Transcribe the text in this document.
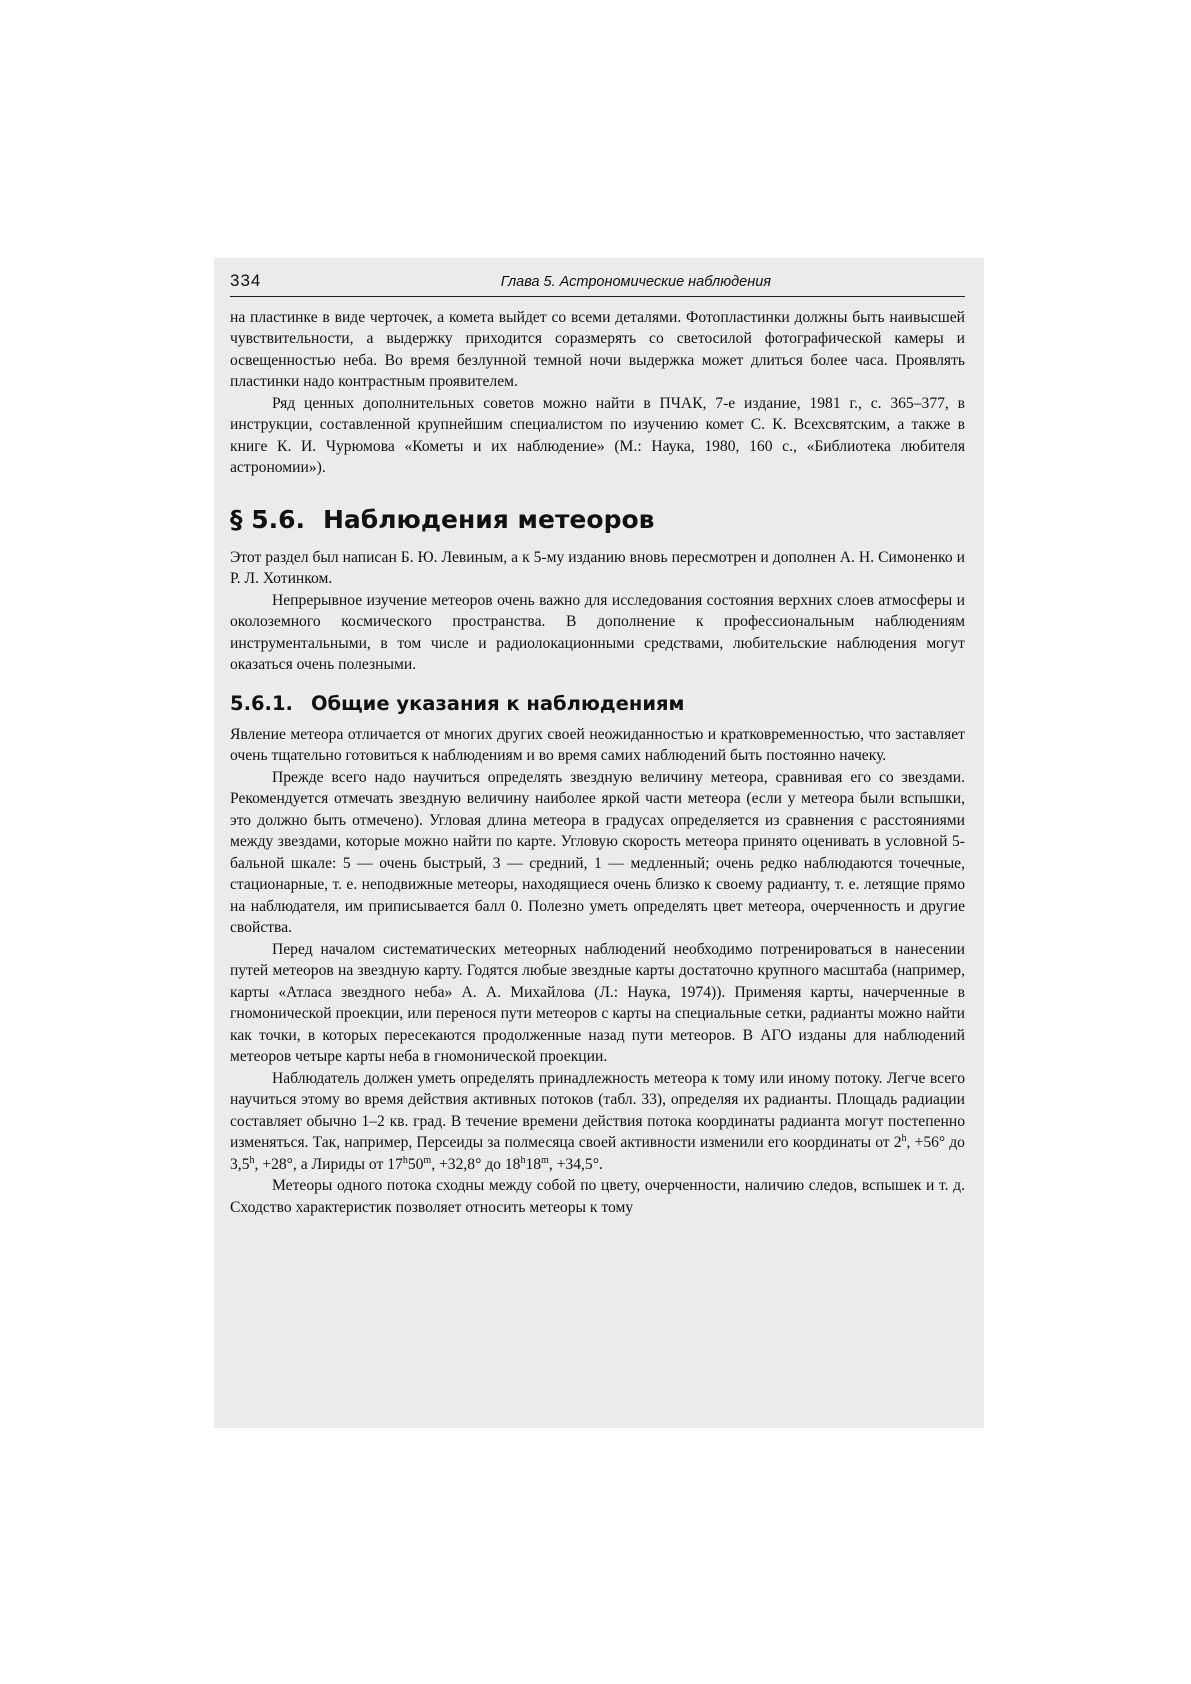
334	Глава 5. Астрономические наблюдения

на пластинке в виде черточек, а комета выйдет со всеми деталями. Фотопластинки должны быть наивысшей чувствительности, а выдержку приходится соразмерять со светосилой фотографической камеры и освещенностью неба. Во время безлунной темной ночи выдержка может длиться более часа. Проявлять пластинки надо контрастным проявителем.

Ряд ценных дополнительных советов можно найти в ПЧАК, 7-е издание, 1981 г., с. 365–377, в инструкции, составленной крупнейшим специалистом по изучению комет С. К. Всехсвятским, а также в книге К. И. Чурюмова «Кометы и их наблюдение» (М.: Наука, 1980, 160 с., «Библиотека любителя астрономии»).

§ 5.6. Наблюдения метеоров

Этот раздел был написан Б. Ю. Левиным, а к 5-му изданию вновь пересмотрен и дополнен А. Н. Симоненко и Р. Л. Хотинком.

Непрерывное изучение метеоров очень важно для исследования состояния верхних слоев атмосферы и околоземного космического пространства. В дополнение к профессиональным наблюдениям инструментальными, в том числе и радиолокационными средствами, любительские наблюдения могут оказаться очень полезными.

5.6.1. Общие указания к наблюдениям

Явление метеора отличается от многих других своей неожиданностью и кратковременностью, что заставляет очень тщательно готовиться к наблюдениям и во время самих наблюдений быть постоянно начеку.

Прежде всего надо научиться определять звездную величину метеора, сравнивая его со звездами. Рекомендуется отмечать звездную величину наиболее яркой части метеора (если у метеора были вспышки, это должно быть отмечено). Угловая длина метеора в градусах определяется из сравнения с расстояниями между звездами, которые можно найти по карте. Угловую скорость метеора принято оценивать в условной 5-бальной шкале: 5 — очень быстрый, 3 — средний, 1 — медленный; очень редко наблюдаются точечные, стационарные, т. е. неподвижные метеоры, находящиеся очень близко к своему радианту, т. е. летящие прямо на наблюдателя, им приписывается балл 0. Полезно уметь определять цвет метеора, очерченность и другие свойства.

Перед началом систематических метеорных наблюдений необходимо потренироваться в нанесении путей метеоров на звездную карту. Годятся любые звездные карты достаточно крупного масштаба (например, карты «Атласа звездного неба» А. А. Михайлова (Л.: Наука, 1974)). Применяя карты, начерченные в гномонической проекции, или перенося пути метеоров с карты на специальные сетки, радианты можно найти как точки, в которых пересекаются продолженные назад пути метеоров. В АГО изданы для наблюдений метеоров четыре карты неба в гномонической проекции.

Наблюдатель должен уметь определять принадлежность метеора к тому или иному потоку. Легче всего научиться этому во время действия активных потоков (табл. 33), определяя их радианты. Площадь радиации составляет обычно 1–2 кв. град. В течение времени действия потока координаты радианта могут постепенно изменяться. Так, например, Персеиды за полмесяца своей активности изменили его координаты от $2^h$, +56° до 3,5$^h$, +28°, а Лириды от $17^h50^m$, +32,8° до $18^h18^m$, +34,5°.

Метеоры одного потока сходны между собой по цвету, очерченности, наличию следов, вспышек и т. д. Сходство характеристик позволяет относить метеоры к тому
